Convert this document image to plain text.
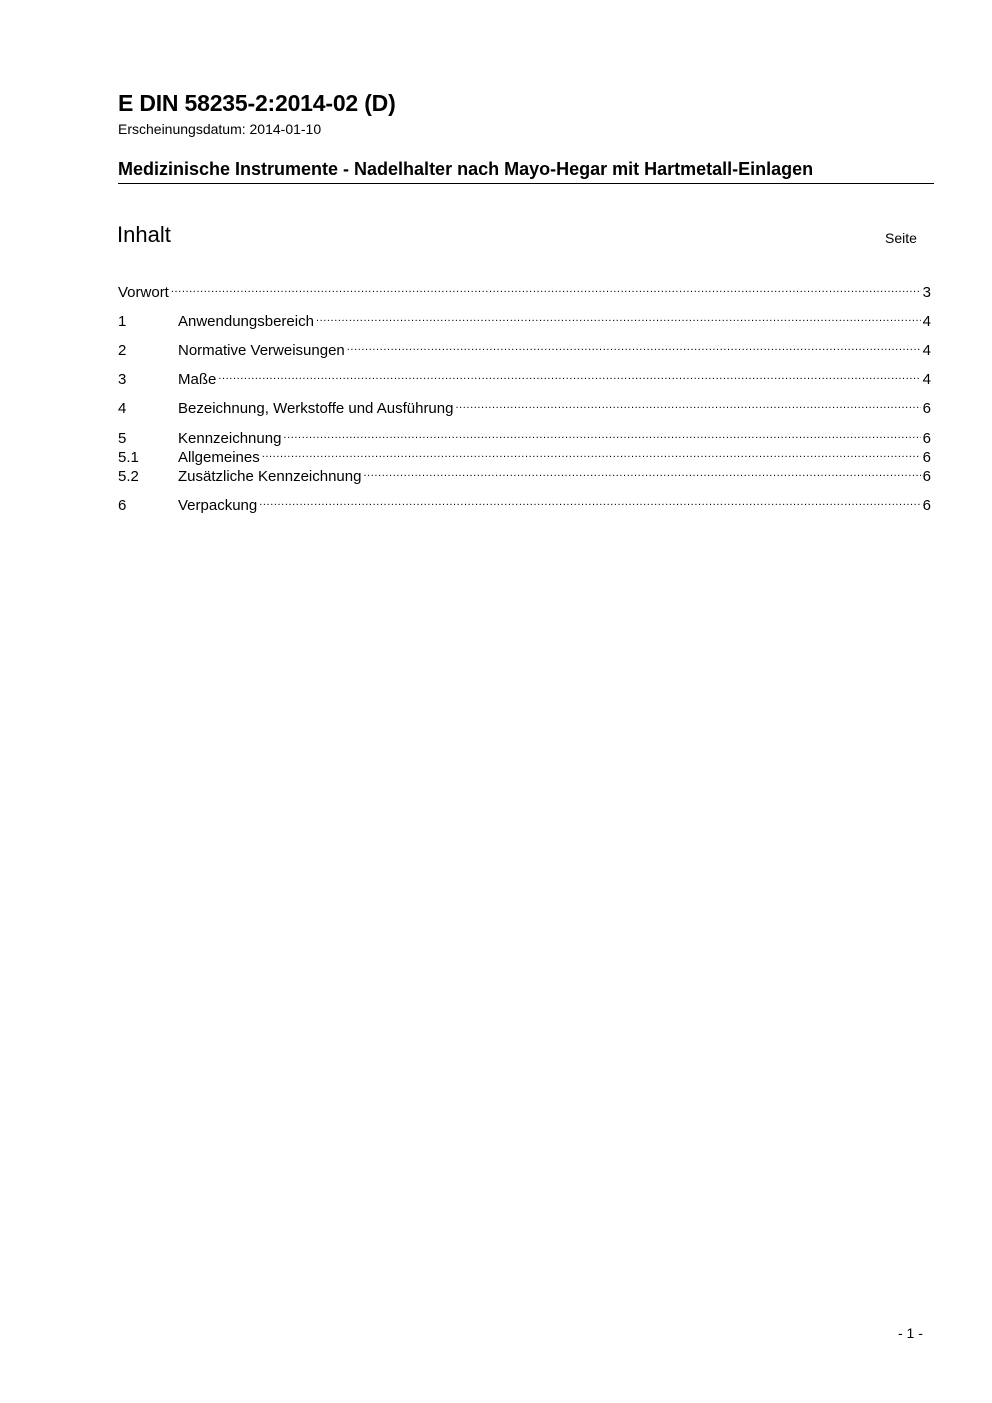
E DIN 58235-2:2014-02 (D)
Erscheinungsdatum: 2014-01-10
Medizinische Instrumente - Nadelhalter nach Mayo-Hegar mit Hartmetall-Einlagen
Inhalt	Seite
Vorwort .....	3
1	Anwendungsbereich .....	4
2	Normative Verweisungen .....	4
3	Maße .....	4
4	Bezeichnung, Werkstoffe und Ausführung .....	6
5	Kennzeichnung .....	6
5.1	Allgemeines .....	6
5.2	Zusätzliche Kennzeichnung .....	6
6	Verpackung .....	6
- 1 -
